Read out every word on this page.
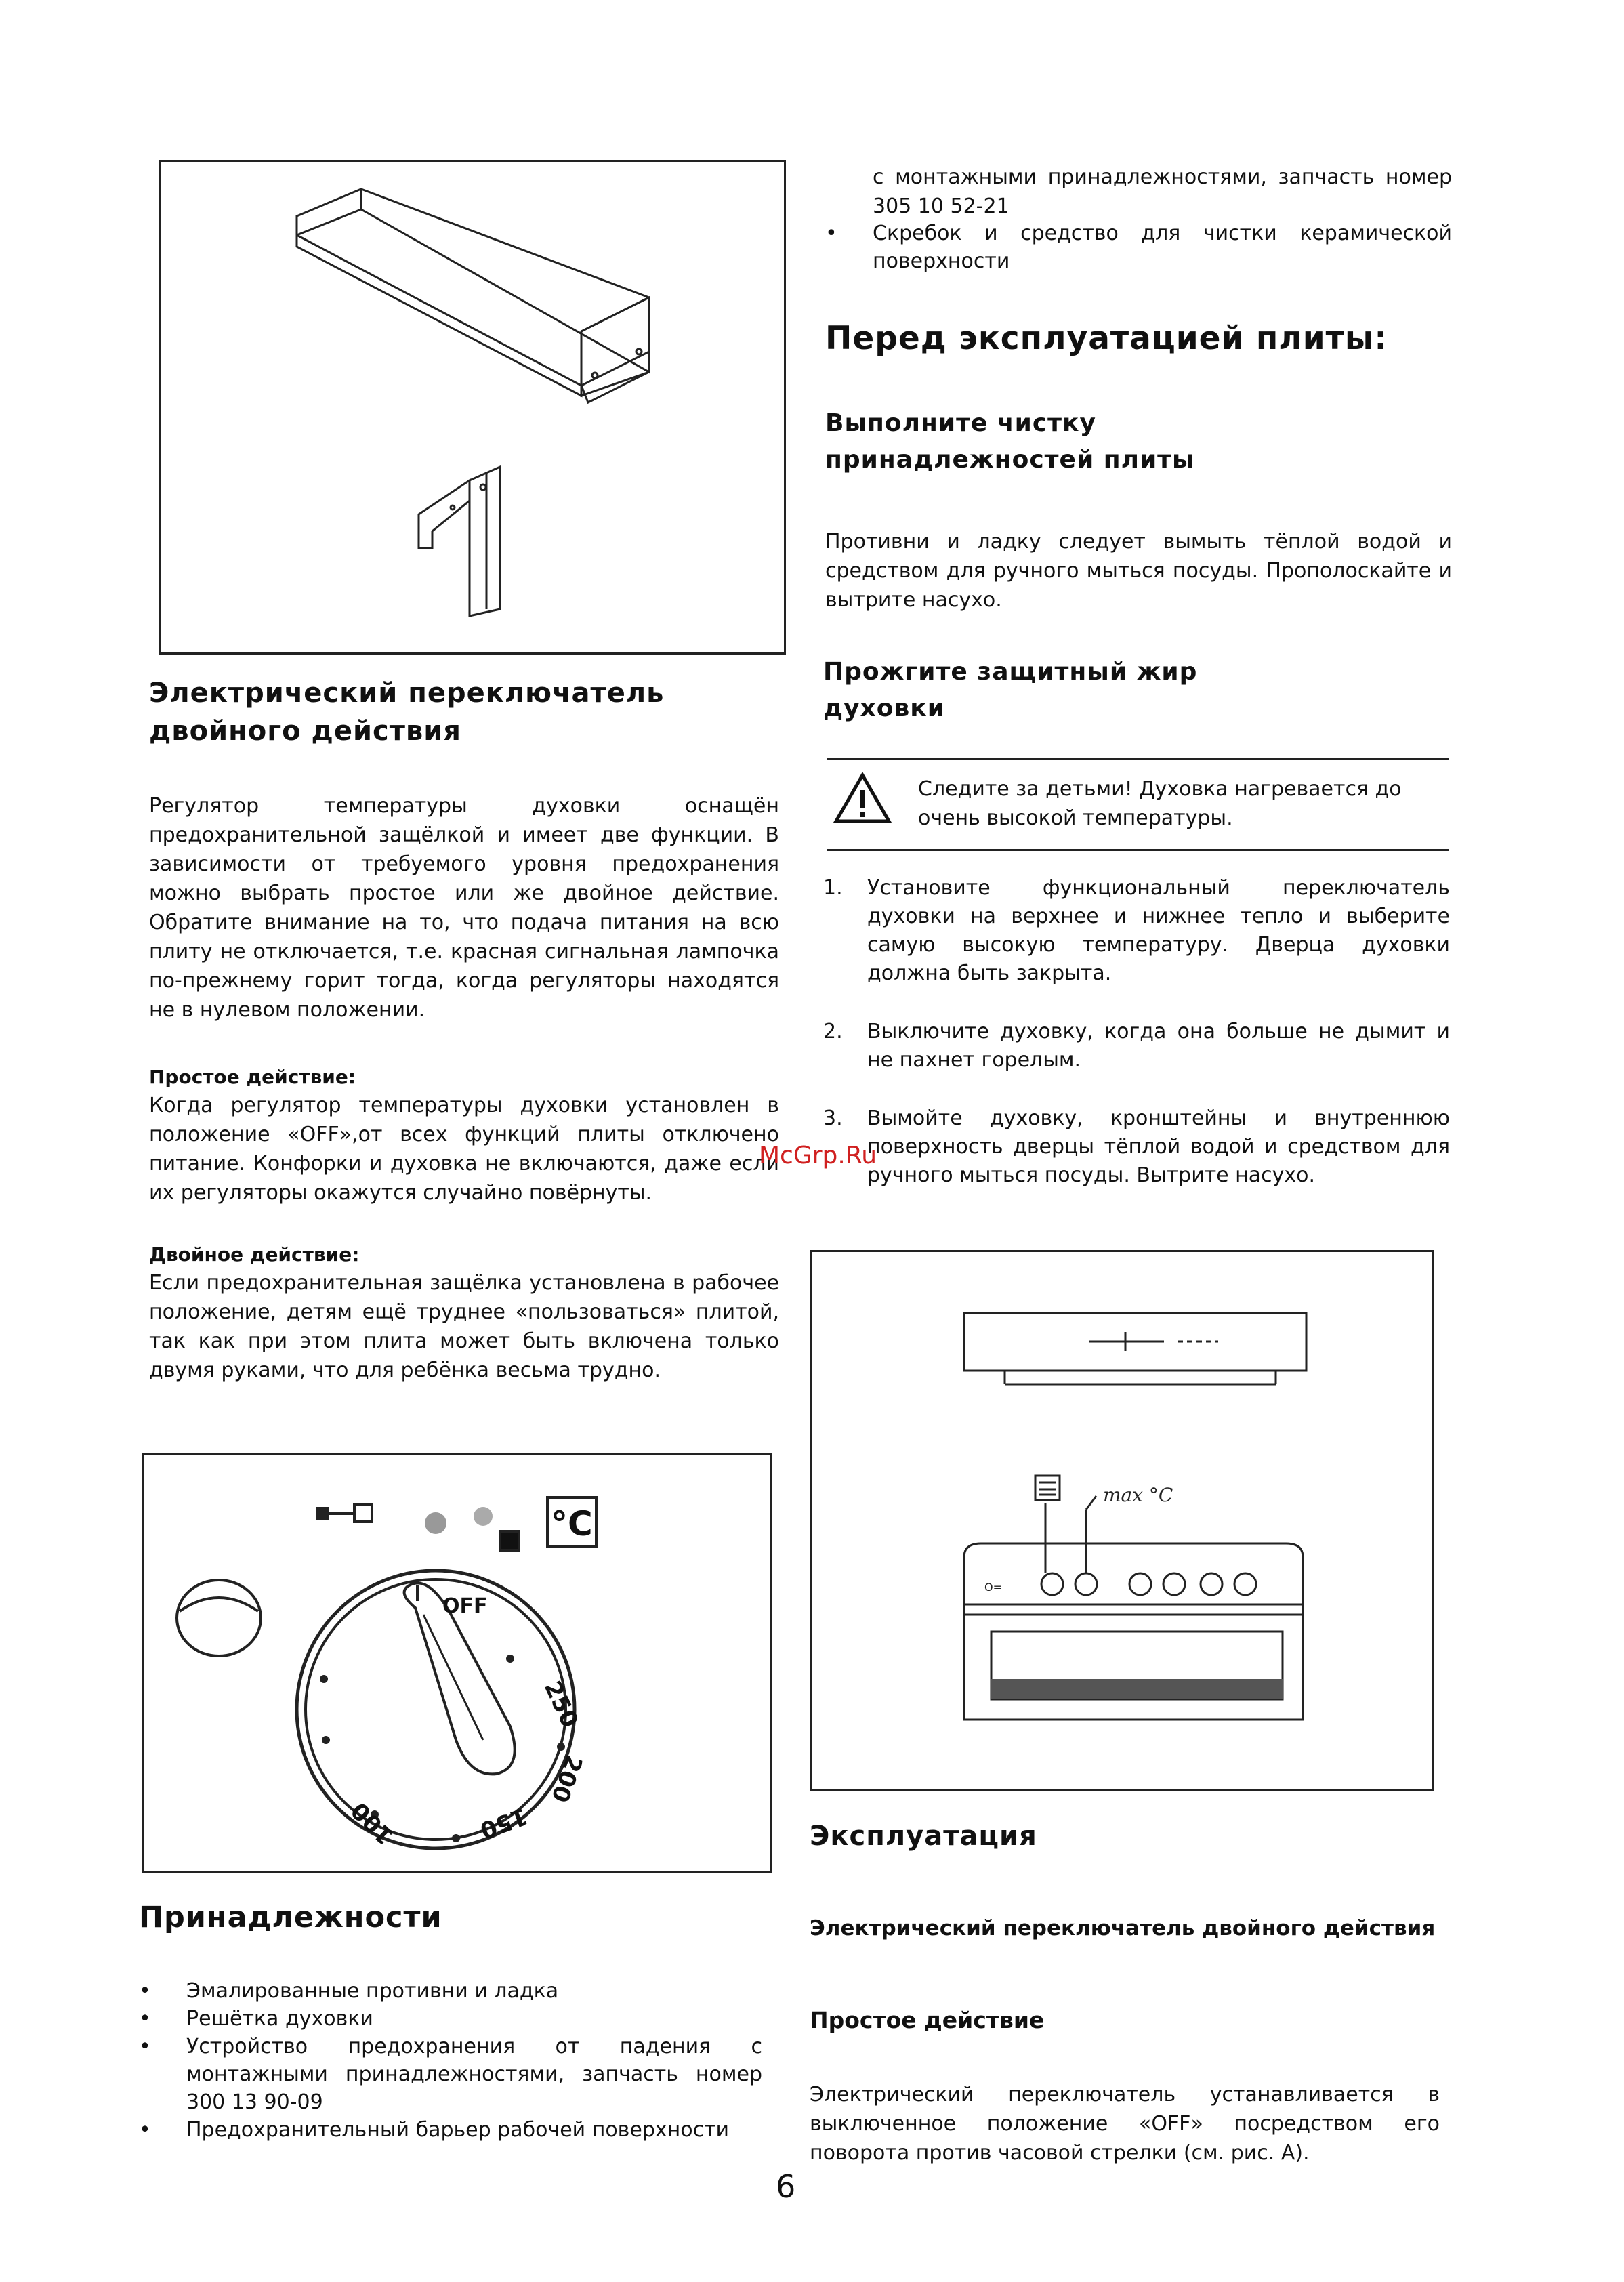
Электрический переключатель двойного действия

Регулятор температуры духовки оснащён предохранительной защёлкой и имеет две функции. В зависимости от требуемого уровня предохранения можно выбрать простое или же двойное действие. Обратите внимание на то, что подача питания на всю плиту не отключается, т.е. красная сигнальная лампочка по-прежнему горит тогда, когда регуляторы находятся не в нулевом положении.

Простое действие:

Когда регулятор температуры духовки установлен в положение «OFF»,от всех функций плиты отключено питание. Конфорки и духовка не включаются, даже если их регуляторы окажутся случайно повёрнуты.

Двойное действие:

Если предохранительная защёлка установлена в рабочее положение, детям ещё труднее «пользоваться» плитой, так как при этом плита может быть включена только двумя руками, что для ребёнка весьма трудно.

°C
OFF
250
200
150
100
Принадлежности
• Эмалированные противни и ладка
• Решётка духовки
• Устройство предохранения от падения с монтажными принадлежностями, запчасть номер 300 13 90-09
• Предохранительный барьер рабочей поверхности

с монтажными принадлежностями, запчасть номер 305 10 52-21

• Скребок и средство для чистки керамической поверхности
Перед эксплуатацией плиты:
Выполните чистку принадлежностей плиты

Противни и ладку следует вымыть тёплой водой и средством для ручного мыться посуды. Прополоскайте и вытрите насухо.

Прожгите защитный жир духовки

Следите за детьми! Духовка нагревается до очень высокой температуры.

1. Установите функциональный переключатель духовки на верхнее и нижнее тепло и выберите самую высокую температуру. Дверца духовки должна быть закрыта.
2. Выключите духовку, когда она больше не дымит и не пахнет горелым.
3. Вымойте духовку, кронштейны и внутреннюю поверхность дверцы тёплой водой и средством для ручного мыться посуды. Вытрите насухо.
McGrp.Ru
O=
max °C
Эксплуатация
Электрический переключатель двойного действия
Простое действие

Электрический переключатель устанавливается в выключенное положение «OFF» посредством его поворота против часовой стрелки (см. рис. А).

6
